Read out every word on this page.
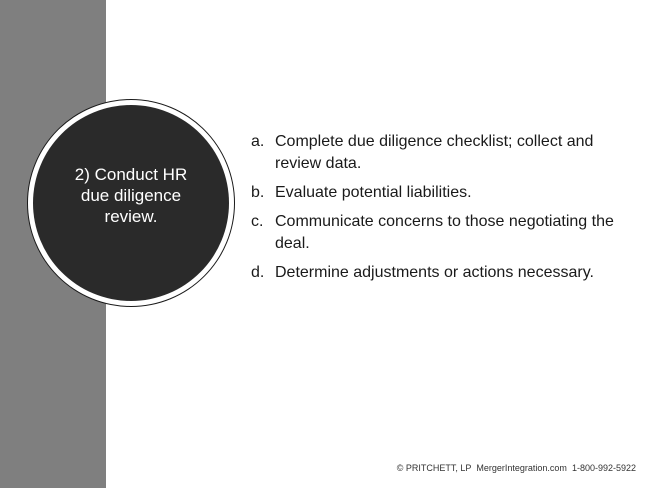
2) Conduct HR
due diligence
review.
a. Complete due diligence checklist; collect and review data.
b. Evaluate potential liabilities.
c. Communicate concerns to those negotiating the deal.
d. Determine adjustments or actions necessary.
© PRITCHETT, LP MergerIntegration.com 1-800-992-5922
